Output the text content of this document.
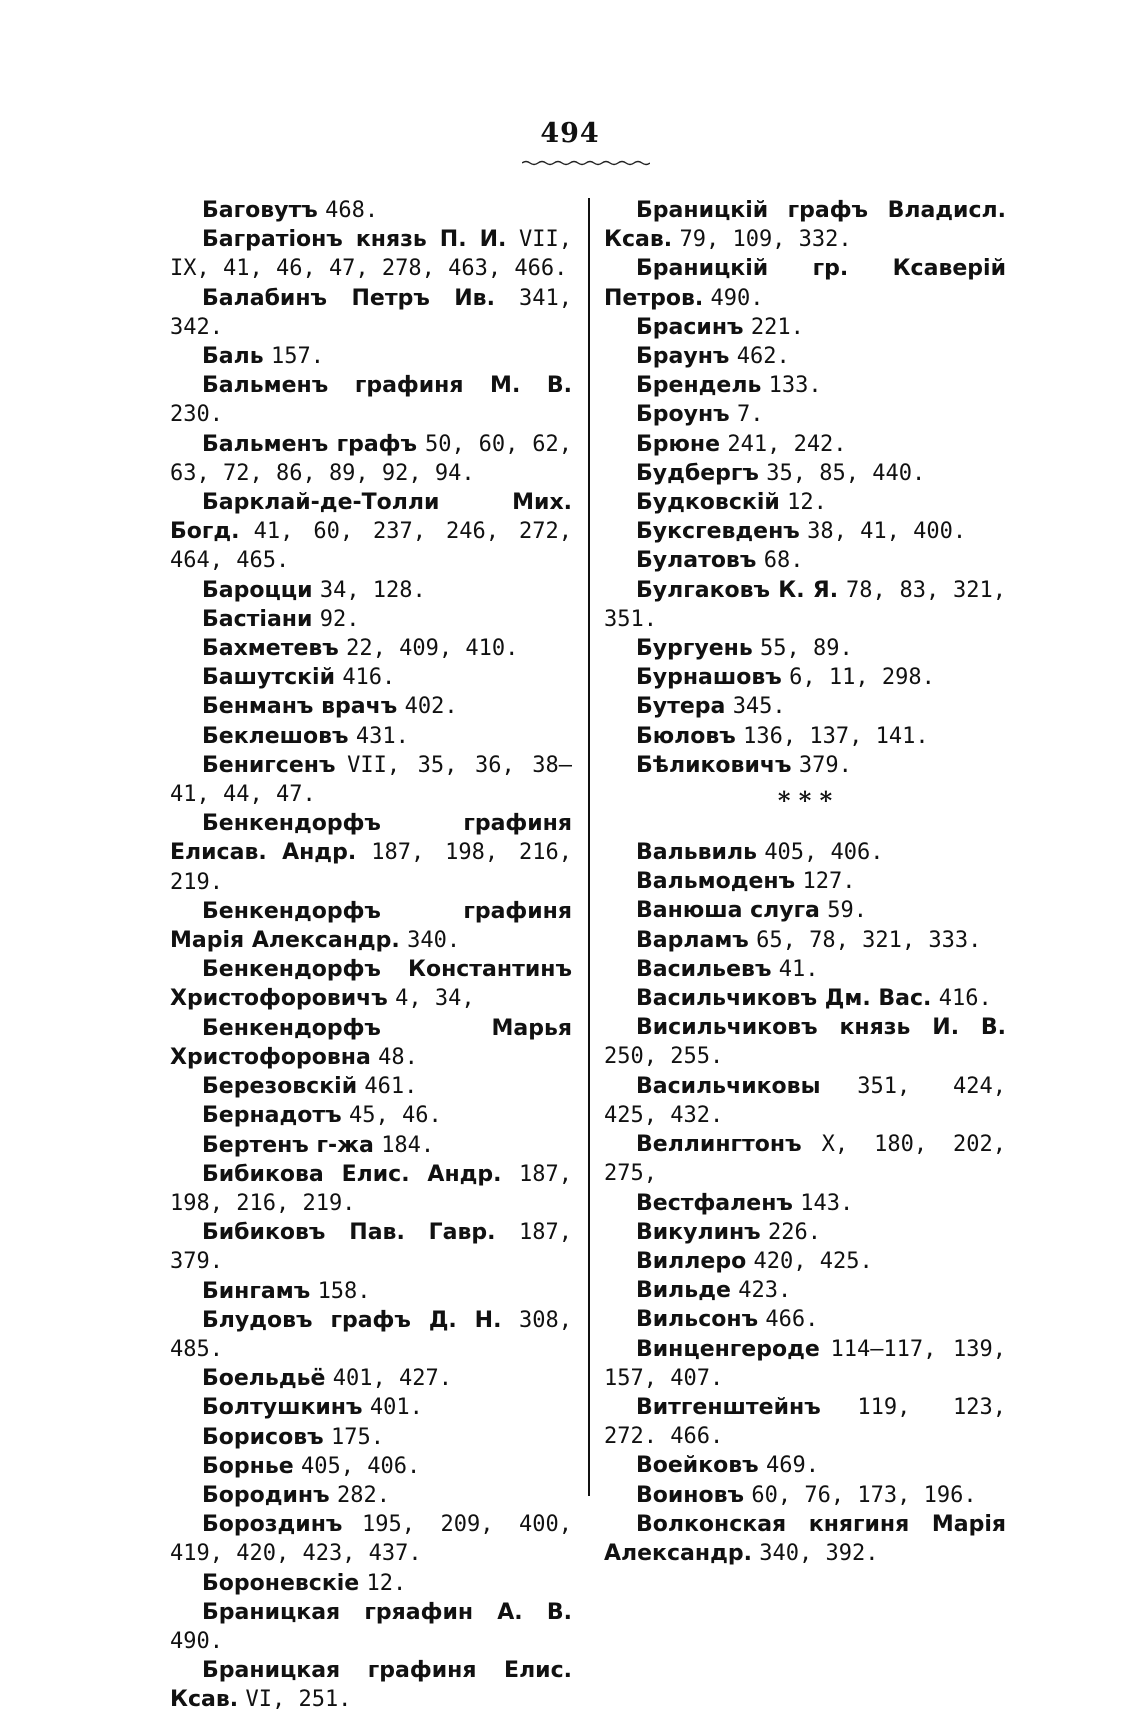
494

Баговутъ 468.

Багратіонъ князь П. И. VII, IX, 41, 46, 47, 278, 463, 466.

Балабинъ Петръ Ив. 341, 342.

Баль 157.

Бальменъ графиня М. В. 230.

Бальменъ графъ 50, 60, 62, 63, 72, 86, 89, 92, 94.

Барклай-де-Толли Мих. Богд. 41, 60, 237, 246, 272, 464, 465.

Бароцци 34, 128.

Бастіани 92.

Бахметевъ 22, 409, 410.

Башутскій 416.

Бенманъ врачъ 402.

Беклешовъ 431.

Бенигсенъ VII, 35, 36, 38—41, 44, 47.

Бенкендорфъ графиня Елисав. Андр. 187, 198, 216, 219.

Бенкендорфъ графиня Марія Александр. 340.

Бенкендорфъ Константинъ Христофоровичъ 4, 34,

Бенкендорфъ Марья Христофоровна 48.

Березовскій 461.

Бернадотъ 45, 46.

Бертенъ г-жа 184.

Бибикова Елис. Андр. 187, 198, 216, 219.

Бибиковъ Пав. Гавр. 187, 379.

Бингамъ 158.

Блудовъ графъ Д. Н. 308, 485.

Боельдьё 401, 427.

Болтушкинъ 401.

Борисовъ 175.

Борнье 405, 406.

Бородинъ 282.

Бороздинъ 195, 209, 400, 419, 420, 423, 437.

Бороневскіе 12.

Браницкая гряафин А. В. 490.

Браницкая графиня Елис. Ксав. VI, 251.

Браницкій графъ Владисл. Ксав. 79, 109, 332.

Браницкій гр. Ксаверій Петров. 490.

Брасинъ 221.

Браунъ 462.

Брендель 133.

Броунъ 7.

Брюне 241, 242.

Будбергъ 35, 85, 440.

Будковскій 12.

Буксгевденъ 38, 41, 400.

Булатовъ 68.

Булгаковъ К. Я. 78, 83, 321, 351.

Бургуень 55, 89.

Бурнашовъ 6, 11, 298.

Бутера 345.

Бюловъ 136, 137, 141.

Бѣликовичъ 379.

* * *

Вальвиль 405, 406.

Вальмоденъ 127.

Ванюша слуга 59.

Варламъ 65, 78, 321, 333.

Васильевъ 41.

Васильчиковъ Дм. Вас. 416.

Висильчиковъ князь И. В. 250, 255.

Васильчиковы 351, 424, 425, 432.

Веллингтонъ X, 180, 202, 275,

Вестфаленъ 143.

Викулинъ 226.

Виллеро 420, 425.

Вильде 423.

Вильсонъ 466.

Винценгероде 114—117, 139, 157, 407.

Витгенштейнъ 119, 123, 272. 466.

Воейковъ 469.

Воиновъ 60, 76, 173, 196.

Волконская княгиня Марія Александр. 340, 392.
